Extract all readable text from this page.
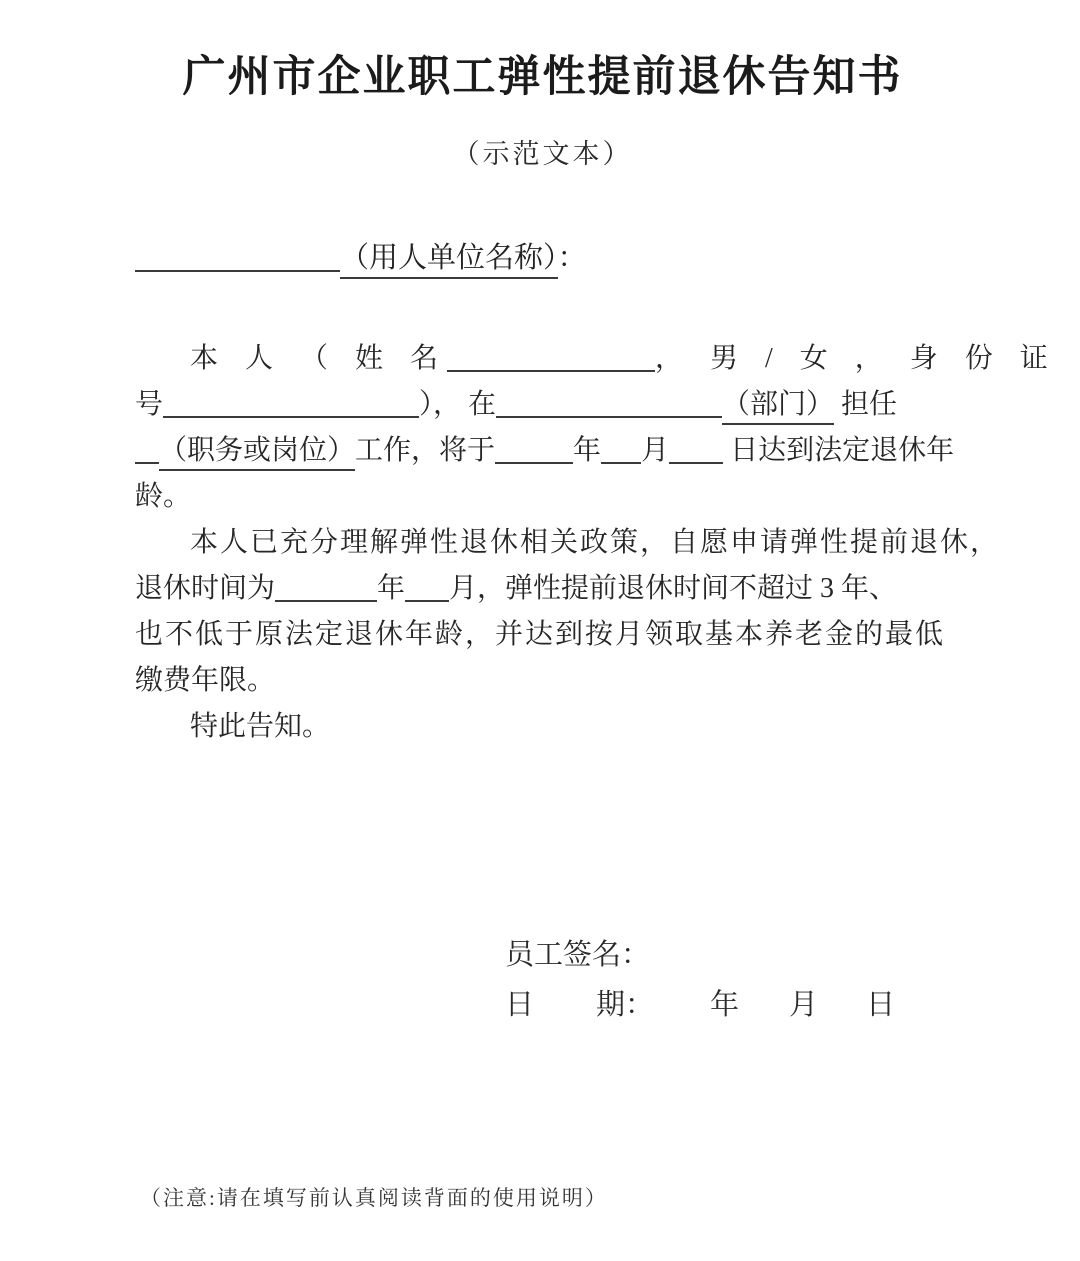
广州市企业职工弹性提前退休告知书
（示范文本）
（用人单位名称）：
本 人 （ 姓 名	， 男 / 女 ， 身 份 证
号	）， 在	（部门） 担任
（职务或岗位）工作，将于	年 月 日达到法定退休年
龄。
本人已充分理解弹性退休相关政策，自愿申请弹性提前退休，
退休时间为	年 月，弹性提前退休时间不超过 3 年、
也不低于原法定退休年龄，并达到按月领取基本养老金的最低
缴费年限。
特此告知。
员工签名：
日 期： 年 月 日
（注意:请在填写前认真阅读背面的使用说明）
